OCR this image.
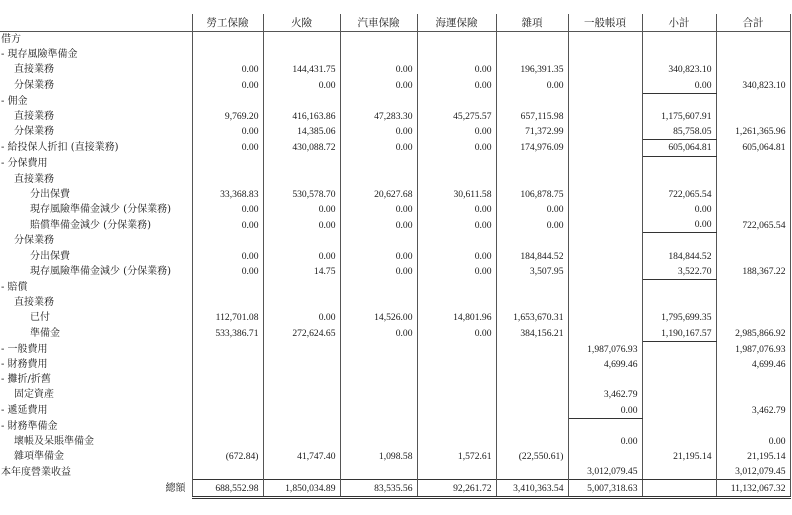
	勞工保險	火險	汽車保險	海運保險	雜項	一般帳項	小計	合計
借方								
- 現存風險準備金								
直接業務	0.00	144,431.75	0.00	0.00	196,391.35		340,823.10	
分保業務	0.00	0.00	0.00	0.00	0.00		0.00	340,823.10
- 佣金								
直接業務	9,769.20	416,163.86	47,283.30	45,275.57	657,115.98		1,175,607.91	
分保業務	0.00	14,385.06	0.00	0.00	71,372.99		85,758.05	1,261,365.96
- 給投保人折扣 (直接業務)	0.00	430,088.72	0.00	0.00	174,976.09		605,064.81	605,064.81
- 分保費用								
直接業務								
分出保費	33,368.83	530,578.70	20,627.68	30,611.58	106,878.75		722,065.54	
現存風險準備金減少 (分保業務)	0.00	0.00	0.00	0.00	0.00		0.00	
賠償準備金減少 (分保業務)	0.00	0.00	0.00	0.00	0.00		0.00	722,065.54
分保業務								
分出保費	0.00	0.00	0.00	0.00	184,844.52		184,844.52	
現存風險準備金減少 (分保業務)	0.00	14.75	0.00	0.00	3,507.95		3,522.70	188,367.22
- 賠償								
直接業務								
已付	112,701.08	0.00	14,526.00	14,801.96	1,653,670.31		1,795,699.35	
準備金	533,386.71	272,624.65	0.00	0.00	384,156.21		1,190,167.57	2,985,866.92
- 一般費用						1,987,076.93		1,987,076.93
- 財務費用						4,699.46		4,699.46
- 攤折/折舊								
固定資產						3,462.79		
- 遞延費用						0.00		3,462.79
- 財務準備金								
壞帳及呆賬準備金						0.00		0.00
雜項準備金	(672.84)	41,747.40	1,098.58	1,572.61	(22,550.61)		21,195.14	21,195.14
本年度營業收益						3,012,079.45		3,012,079.45
總額	688,552.98	1,850,034.89	83,535.56	92,261.72	3,410,363.54	5,007,318.63		11,132,067.32
